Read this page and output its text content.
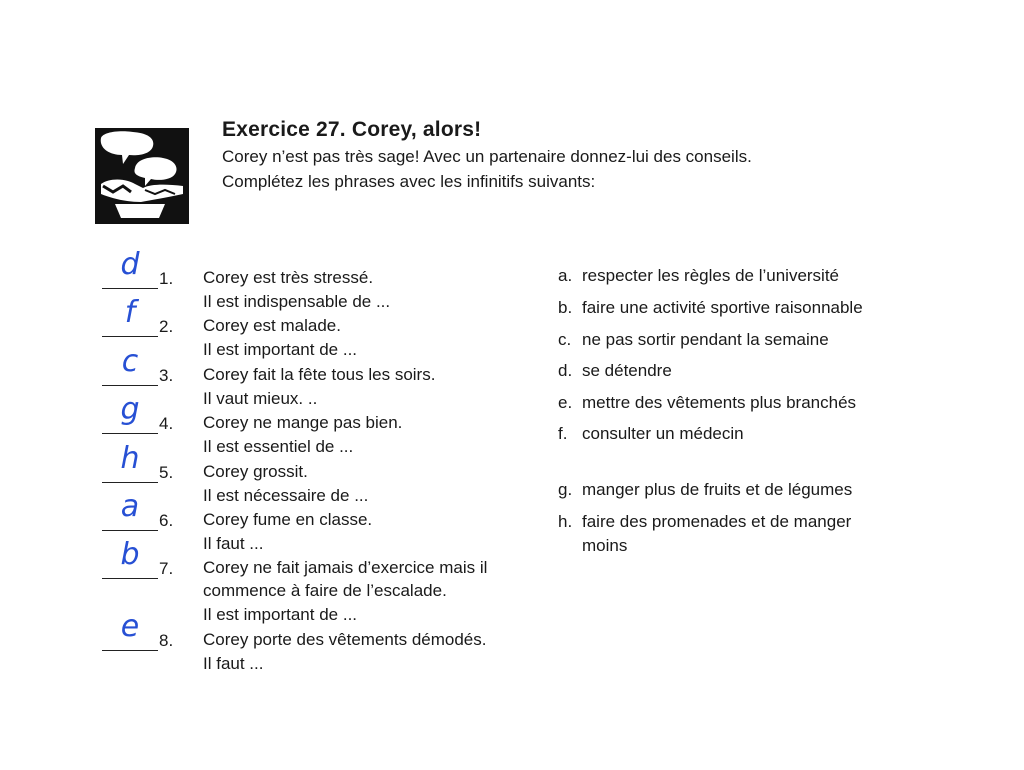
Exercice 27. Corey, alors!
Corey n’est pas très sage! Avec un partenaire donnez-lui des conseils.
Complétez les phrases avec les infinitifs suivants:
d	1. Corey est très stressé.
Il est indispensable de ...
f	2. Corey est malade.
Il est important de ...
c	3. Corey fait la fête tous les soirs.
Il vaut mieux. ..
g	4. Corey ne mange pas bien.
Il est essentiel de ...
h	5. Corey grossit.
Il est nécessaire de ...
a	6. Corey fume en classe.
Il faut ...
b	7. Corey ne fait jamais d’exercice mais il
commence à faire de l’escalade.
Il est important de ...
e	8. Corey porte des vêtements démodés.
Il faut ...
a. respecter les règles de l’université
b. faire une activité sportive raisonnable
c. ne pas sortir pendant la semaine
d. se détendre
e. mettre des vêtements plus branchés
f. consulter un médecin
g. manger plus de fruits et de légumes
h. faire des promenades et de manger
moins
